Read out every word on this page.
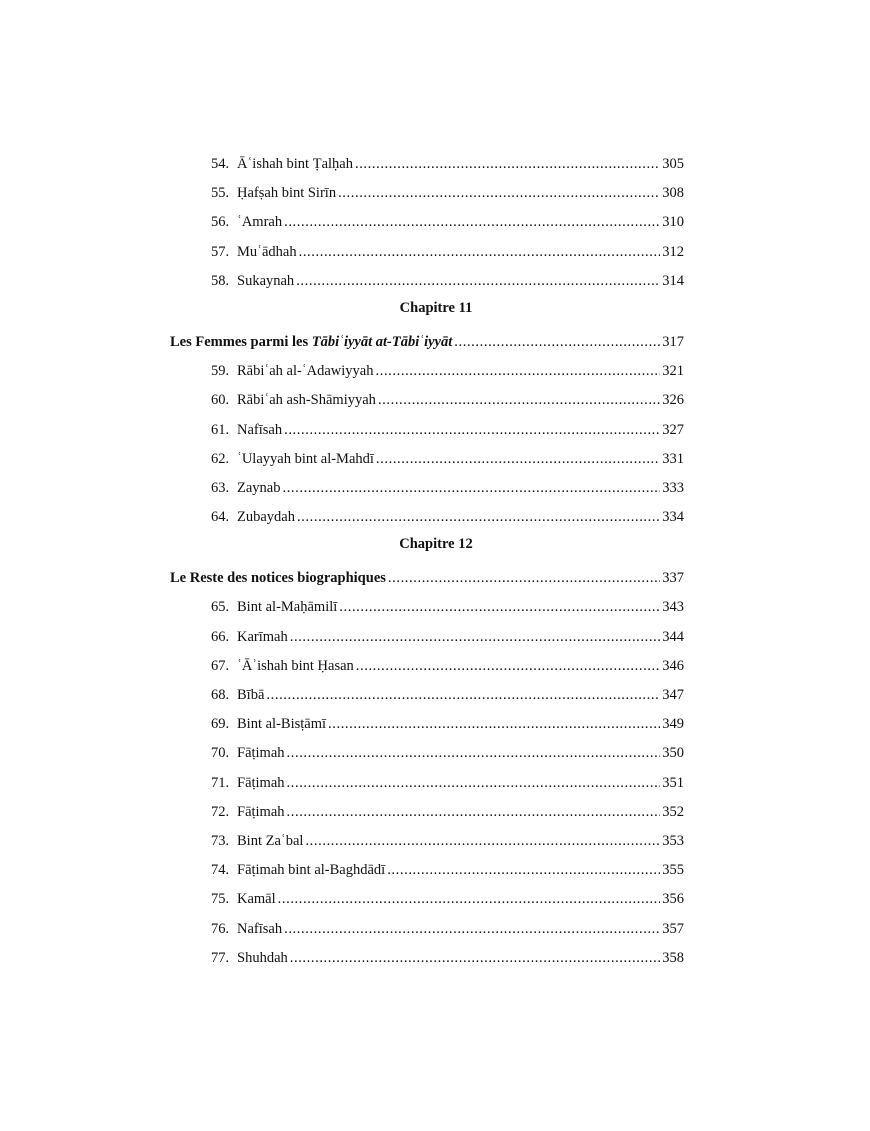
54. Āʿishah bint Ṭalḥah .....	305
55. Ḥafṣah bint Sirīn .....	308
56. ʿAmrah .....	310
57. Muʿādhah .....	312
58. Sukaynah .....	314
Chapitre 11
Les Femmes parmi les Tābiʿiyyāt at-Tābiʿiyyāt .....	317
59. Rābiʿah al-ʿAdawiyyah .....	321
60. Rābiʿah ash-Shāmiyyah .....	326
61. Nafīsah .....	327
62. ʿUlayyah bint al-Mahdī .....	331
63. Zaynab .....	333
64. Zubaydah .....	334
Chapitre 12
Le Reste des notices biographiques .....	337
65. Bint al-Maḥāmilī .....	343
66. Karīmah .....	344
67. ʿĀʾishah bint Ḥasan .....	346
68. Bībā .....	347
69. Bint al-Bisṭāmī .....	349
70. Fāṭimah .....	350
71. Fāṭimah .....	351
72. Fāṭimah .....	352
73. Bint Zaʿbal .....	353
74. Fāṭimah bint al-Baghdādī .....	355
75. Kamāl .....	356
76. Nafīsah .....	357
77. Shuhdah .....	358
